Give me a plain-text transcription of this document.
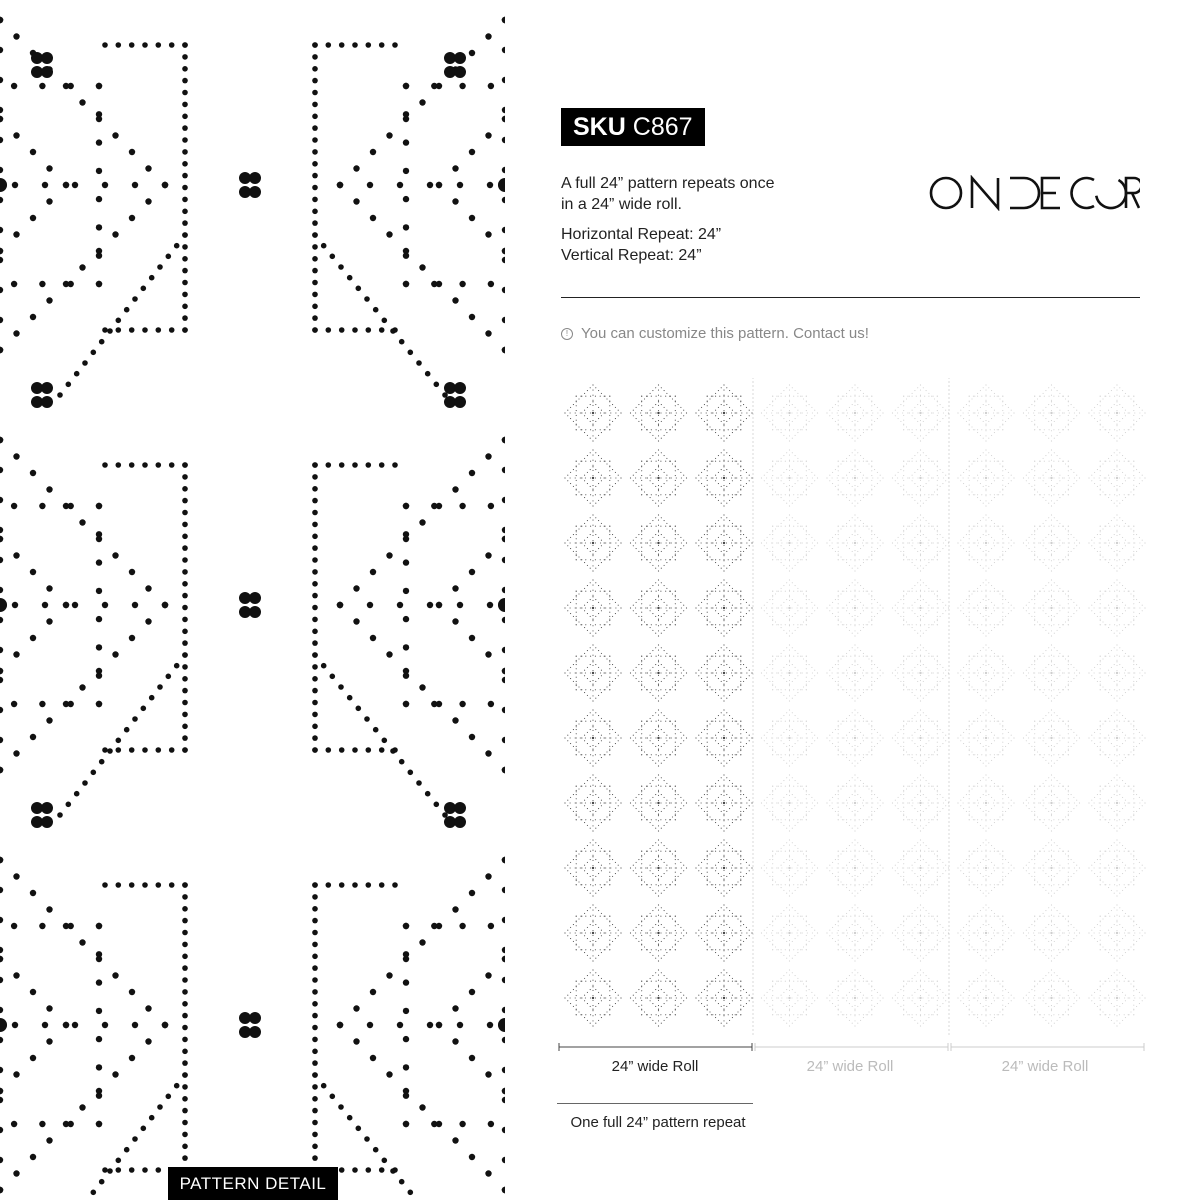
PATTERN DETAIL
SKU C867

A full 24” pattern repeats once
in a 24” wide roll.

Horizontal Repeat: 24”
Vertical Repeat: 24”

ONDECOR
! You can customize this pattern. Contact us!
24” wide Roll	24” wide Roll	24” wide Roll
One full 24” pattern repeat
